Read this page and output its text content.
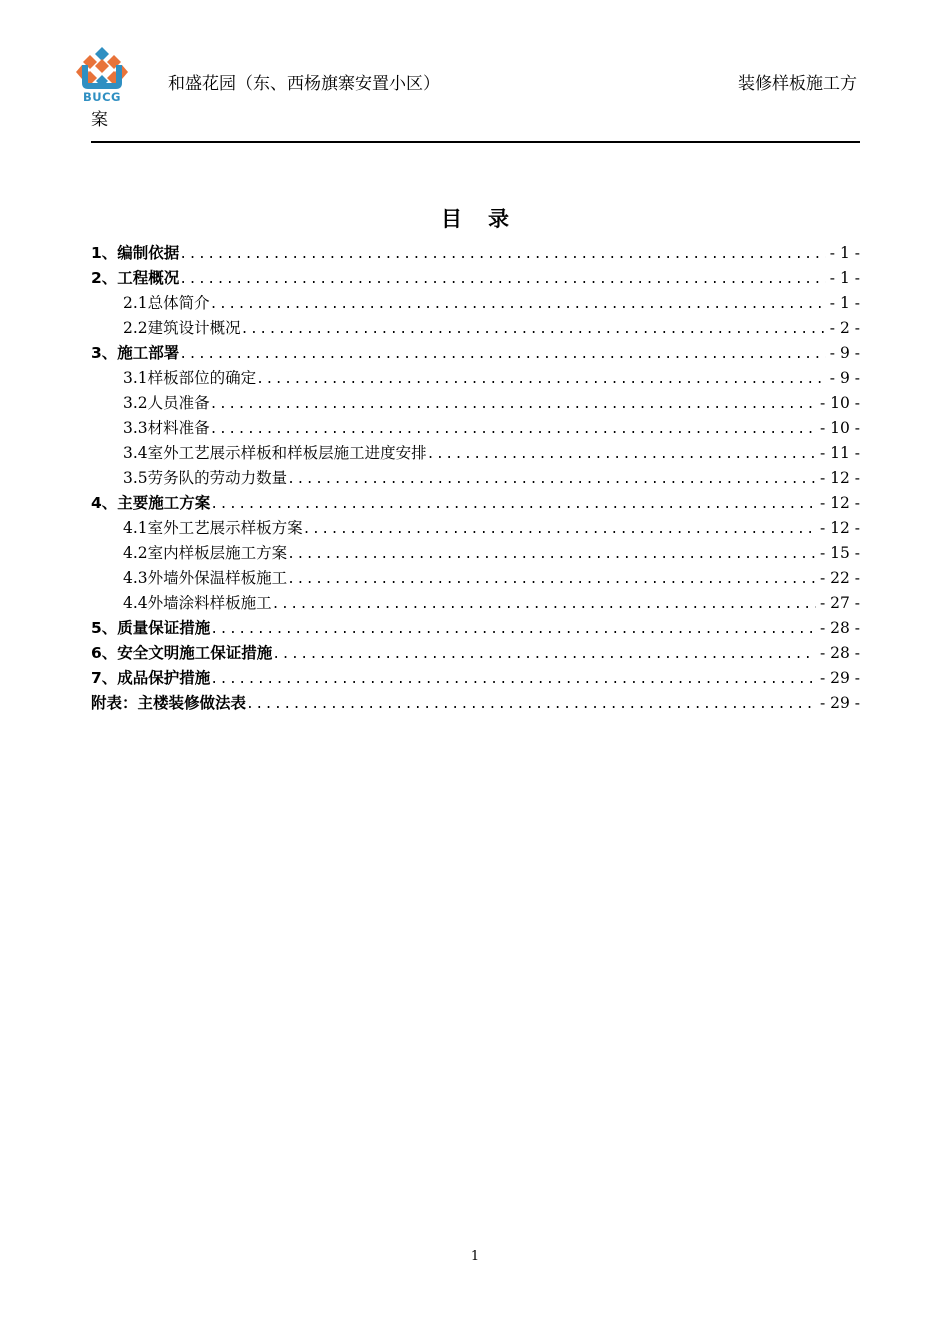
BUCG
和盛花园（东、西杨旗寨安置小区）	装修样板施工方
案
目 录
1、编制依据 .....	- 1 -
2、工程概况 .....	- 1 -
2.1总体简介 .....	- 1 -
2.2建筑设计概况 .....	- 2 -
3、施工部署 .....	- 9 -
3.1样板部位的确定 .....	- 9 -
3.2人员准备 .....	- 10 -
3.3材料准备 .....	- 10 -
3.4室外工艺展示样板和样板层施工进度安排 .....	- 11 -
3.5劳务队的劳动力数量 .....	- 12 -
4、主要施工方案 .....	- 12 -
4.1室外工艺展示样板方案 .....	- 12 -
4.2室内样板层施工方案 .....	- 15 -
4.3外墙外保温样板施工 .....	- 22 -
4.4外墙涂料样板施工 .....	- 27 -
5、质量保证措施 .....	- 28 -
6、安全文明施工保证措施 .....	- 28 -
7、成品保护措施 .....	- 29 -
附表：主楼装修做法表 .....	- 29 -
1
